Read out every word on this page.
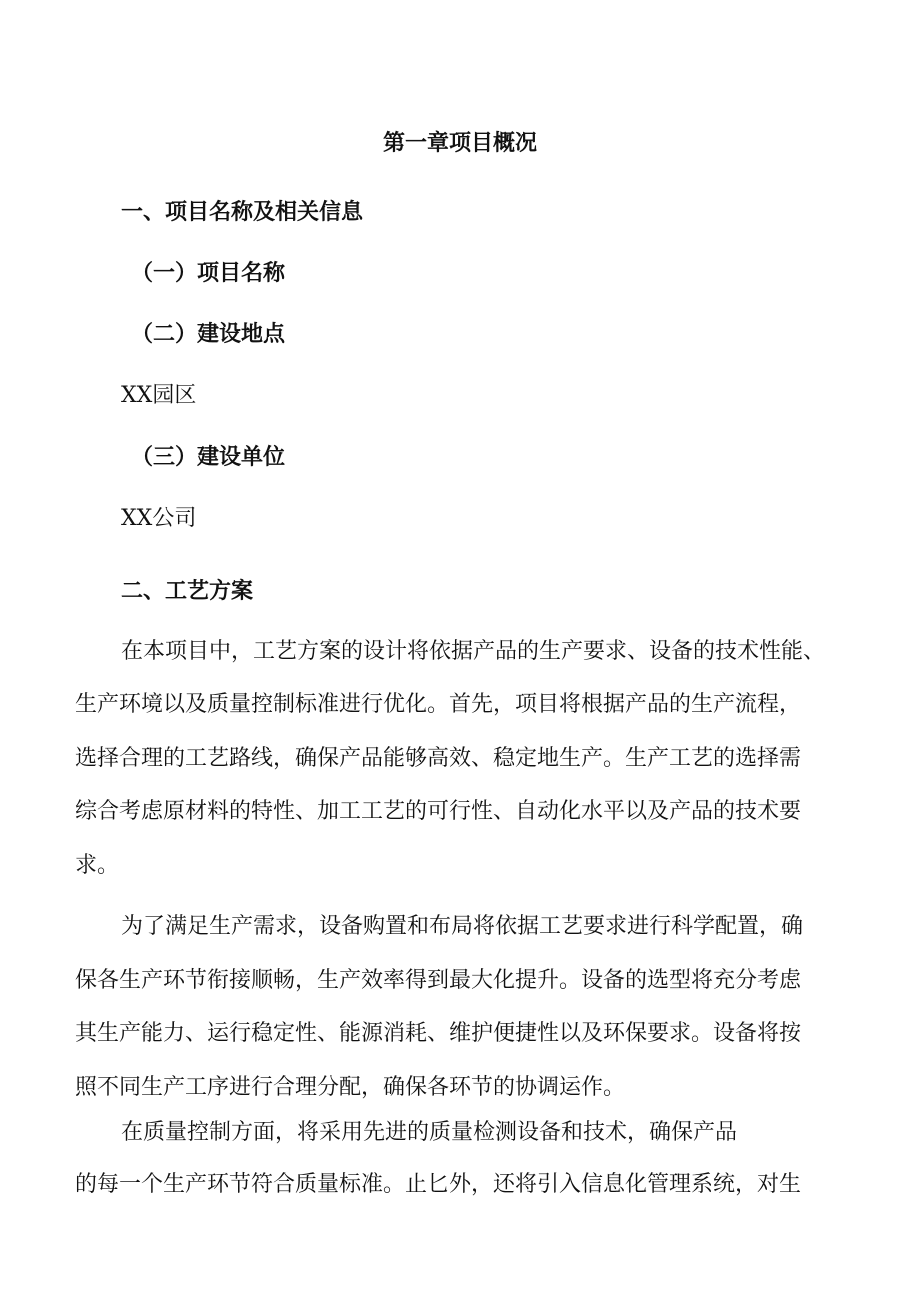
第一章项目概况
一、项目名称及相关信息
（一）项目名称
（二）建设地点
XX园区
（三）建设单位
XX公司
二、工艺方案
在本项目中，工艺方案的设计将依据产品的生产要求、设备的技术性能、
生产环境以及质量控制标准进行优化。首先，项目将根据产品的生产流程，
选择合理的工艺路线，确保产品能够高效、稳定地生产。生产工艺的选择需
综合考虑原材料的特性、加工工艺的可行性、自动化水平以及产品的技术要
求。
为了满足生产需求，设备购置和布局将依据工艺要求进行科学配置，确
保各生产环节衔接顺畅，生产效率得到最大化提升。设备的选型将充分考虑
其生产能力、运行稳定性、能源消耗、维护便捷性以及环保要求。设备将按
照不同生产工序进行合理分配，确保各环节的协调运作。
在质量控制方面，将采用先进的质量检测设备和技术，确保产品
的每一个生产环节符合质量标准。止匕外，还将引入信息化管理系统，对生
